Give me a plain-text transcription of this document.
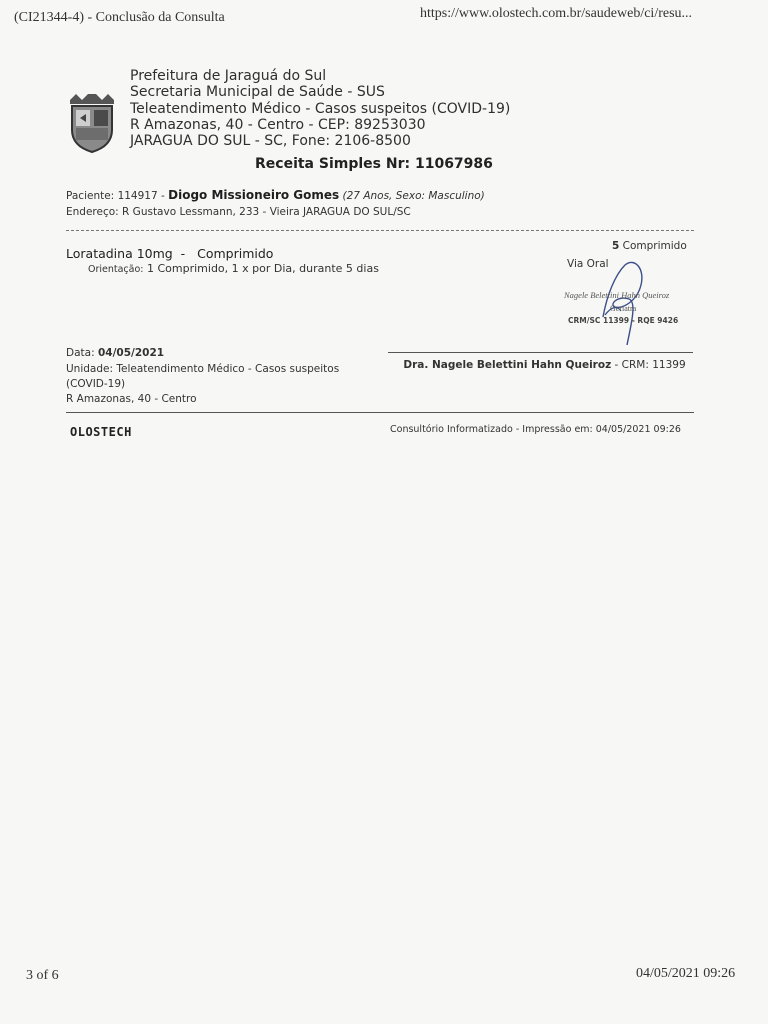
(CI21344-4) - Conclusão da Consulta	https://www.olostech.com.br/saudeweb/ci/resu...
3 of 6	04/05/2021 09:26
Prefeitura de Jaraguá do Sul
Secretaria Municipal de Saúde - SUS
Teleatendimento Médico - Casos suspeitos (COVID-19)
R Amazonas, 40 - Centro - CEP: 89253030
JARAGUA DO SUL - SC, Fone: 2106-8500
Receita Simples Nr: 11067986
Paciente: 114917 - Diogo Missioneiro Gomes (27 Anos, Sexo: Masculino)
Endereço: R Gustavo Lessmann, 233 - Vieira JARAGUA DO SUL/SC
Loratadina 10mg  -   Comprimido
Orientação: 1 Comprimido, 1 x por Dia, durante 5 dias
5 Comprimido
Via Oral
Nagele Belettini Hahn Queiroz
Geriatra
CRM/SC 11399 - RQE 9426
Data: 04/05/2021
Unidade: Teleatendimento Médico - Casos suspeitos (COVID-19)
R Amazonas, 40 - Centro
Dra. Nagele Belettini Hahn Queiroz - CRM: 11399
OLOSTECH	Consultório Informatizado - Impressão em: 04/05/2021 09:26
